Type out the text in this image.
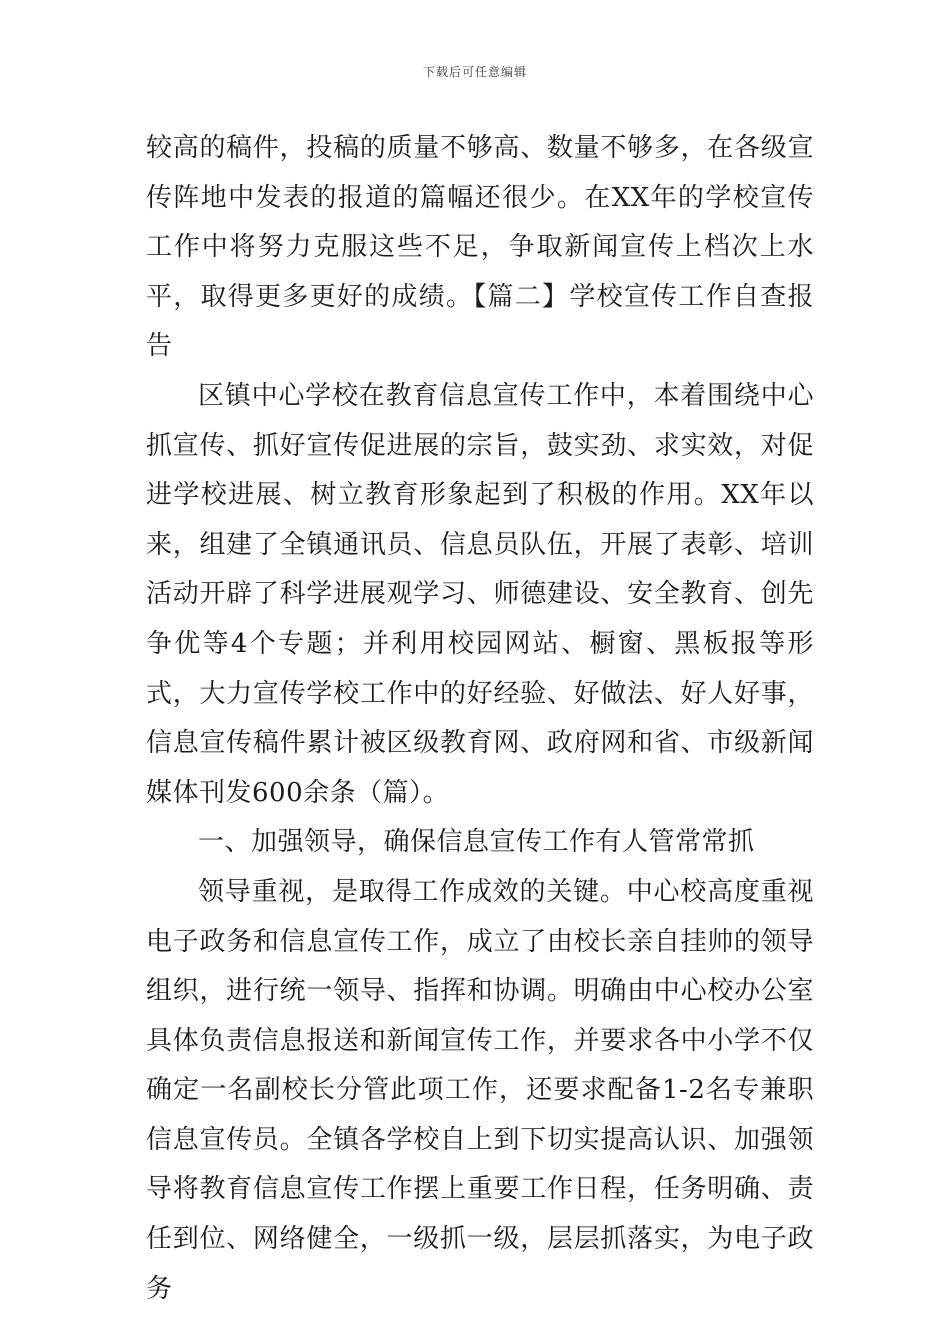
下载后可任意编辑

较高的稿件，投稿的质量不够高、数量不够多，在各级宣传阵地中发表的报道的篇幅还很少。在XX年的学校宣传工作中将努力克服这些不足，争取新闻宣传上档次上水平，取得更多更好的成绩。【篇二】学校宣传工作自查报告

区镇中心学校在教育信息宣传工作中，本着围绕中心抓宣传、抓好宣传促进展的宗旨，鼓实劲、求实效，对促进学校进展、树立教育形象起到了积极的作用。XX年以来，组建了全镇通讯员、信息员队伍，开展了表彰、培训活动开辟了科学进展观学习、师德建设、安全教育、创先争优等4个专题；并利用校园网站、橱窗、黑板报等形式，大力宣传学校工作中的好经验、好做法、好人好事，信息宣传稿件累计被区级教育网、政府网和省、市级新闻媒体刊发600余条（篇）。

一、加强领导，确保信息宣传工作有人管常常抓

领导重视，是取得工作成效的关键。中心校高度重视电子政务和信息宣传工作，成立了由校长亲自挂帅的领导组织，进行统一领导、指挥和协调。明确由中心校办公室具体负责信息报送和新闻宣传工作，并要求各中小学不仅确定一名副校长分管此项工作，还要求配备1-2名专兼职信息宣传员。全镇各学校自上到下切实提高认识、加强领导将教育信息宣传工作摆上重要工作日程，任务明确、责任到位、网络健全，一级抓一级，层层抓落实，为电子政务
